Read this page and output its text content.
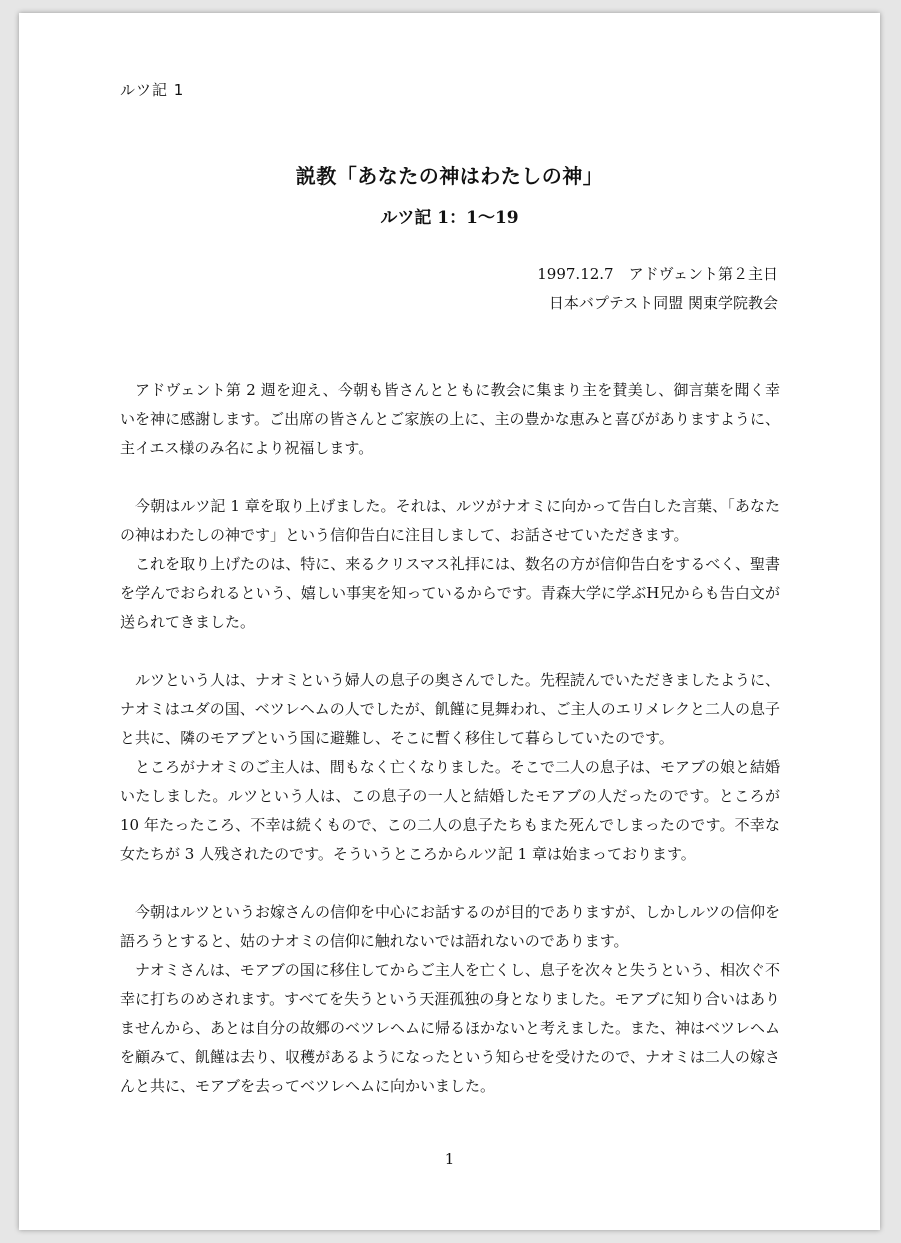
ルツ記 1
説教「あなたの神はわたしの神」
ルツ記 1：1〜19
1997.12.7　アドヴェント第２主日
日本バプテスト同盟 関東学院教会

アドヴェント第 2 週を迎え、今朝も皆さんとともに教会に集まり主を賛美し、御言葉を聞く幸いを神に感謝します。ご出席の皆さんとご家族の上に、主の豊かな恵みと喜びがありますように、主イエス様のみ名により祝福します。

今朝はルツ記 1 章を取り上げました。それは、ルツがナオミに向かって告白した言葉、「あなたの神はわたしの神です」という信仰告白に注目しまして、お話させていただきます。

これを取り上げたのは、特に、来るクリスマス礼拝には、数名の方が信仰告白をするべく、聖書を学んでおられるという、嬉しい事実を知っているからです。青森大学に学ぶH兄からも告白文が送られてきました。

ルツという人は、ナオミという婦人の息子の奥さんでした。先程読んでいただきましたように、ナオミはユダの国、ベツレヘムの人でしたが、飢饉に見舞われ、ご主人のエリメレクと二人の息子と共に、隣のモアブという国に避難し、そこに暫く移住して暮らしていたのです。

ところがナオミのご主人は、間もなく亡くなりました。そこで二人の息子は、モアブの娘と結婚いたしました。ルツという人は、この息子の一人と結婚したモアブの人だったのです。ところが 10 年たったころ、不幸は続くもので、この二人の息子たちもまた死んでしまったのです。不幸な女たちが 3 人残されたのです。そういうところからルツ記 1 章は始まっております。

今朝はルツというお嫁さんの信仰を中心にお話するのが目的でありますが、しかしルツの信仰を語ろうとすると、姑のナオミの信仰に触れないでは語れないのであります。

ナオミさんは、モアブの国に移住してからご主人を亡くし、息子を次々と失うという、相次ぐ不幸に打ちのめされます。すべてを失うという天涯孤独の身となりました。モアブに知り合いはありませんから、あとは自分の故郷のベツレヘムに帰るほかないと考えました。また、神はベツレヘムを顧みて、飢饉は去り、収穫があるようになったという知らせを受けたので、ナオミは二人の嫁さんと共に、モアブを去ってベツレヘムに向かいました。

1
